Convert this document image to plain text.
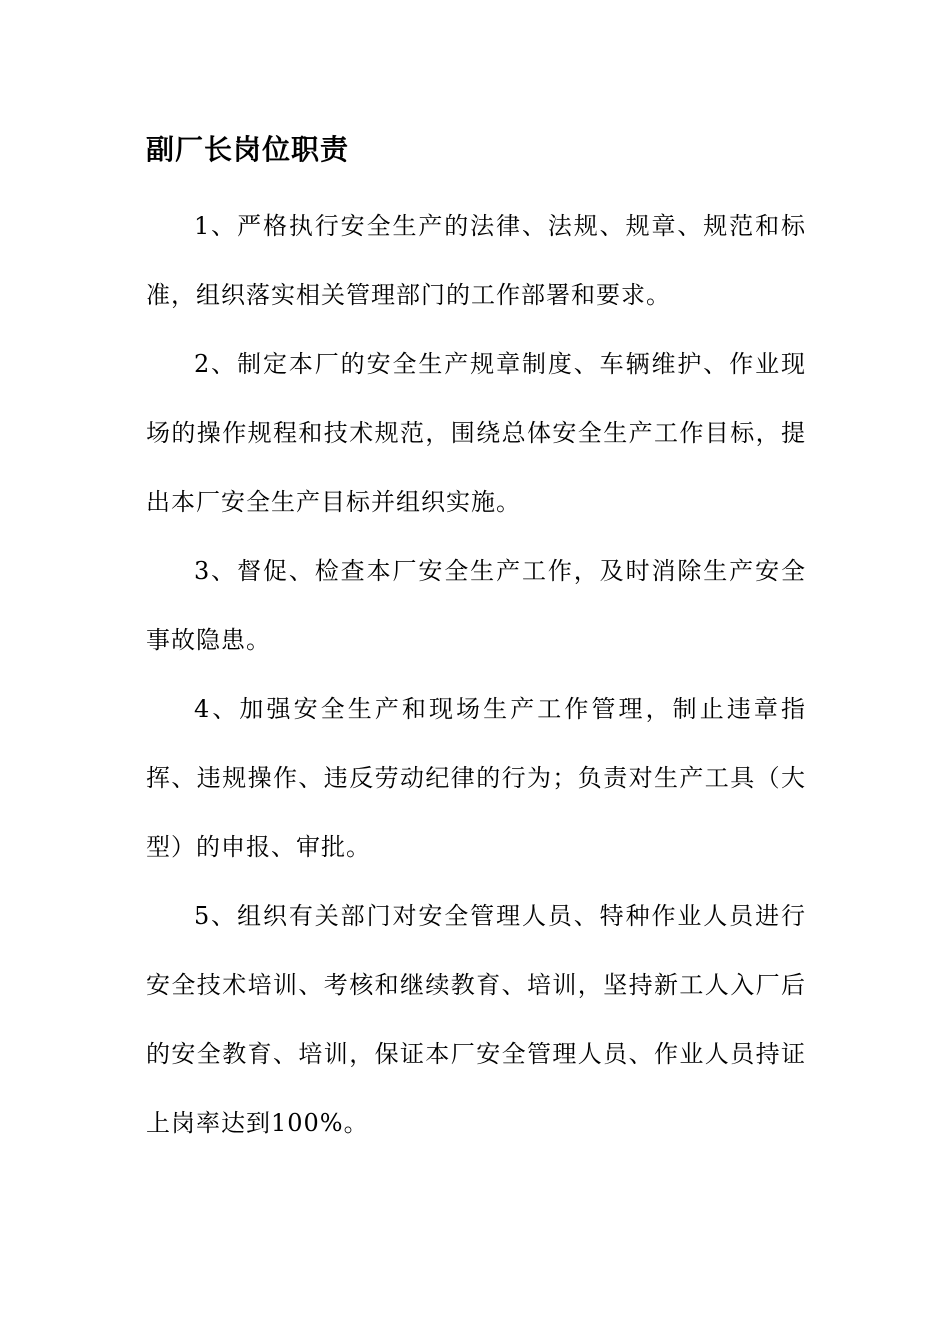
副厂长岗位职责

1、严格执行安全生产的法律、法规、规章、规范和标准，组织落实相关管理部门的工作部署和要求。

2、制定本厂的安全生产规章制度、车辆维护、作业现场的操作规程和技术规范，围绕总体安全生产工作目标，提出本厂安全生产目标并组织实施。

3、督促、检查本厂安全生产工作，及时消除生产安全事故隐患。

4、加强安全生产和现场生产工作管理，制止违章指挥、违规操作、违反劳动纪律的行为；负责对生产工具（大型）的申报、审批。

5、组织有关部门对安全管理人员、特种作业人员进行安全技术培训、考核和继续教育、培训，坚持新工人入厂后的安全教育、培训，保证本厂安全管理人员、作业人员持证上岗率达到100%。
